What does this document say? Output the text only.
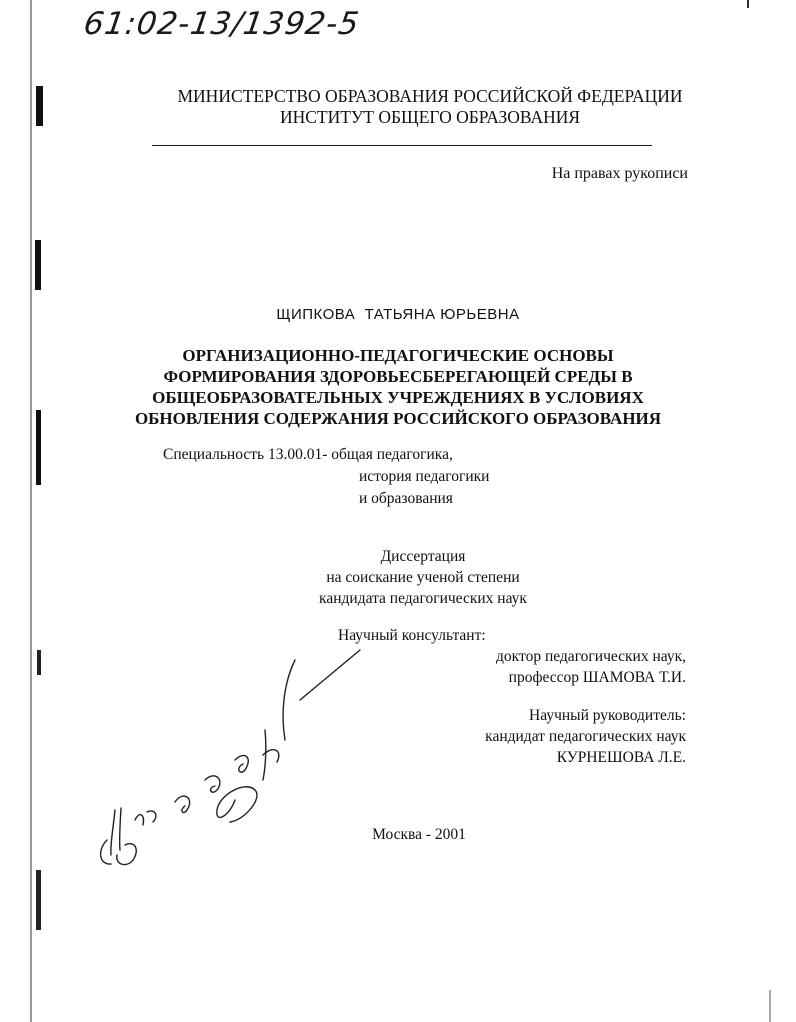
61:02-13/1392-5
МИНИСТЕРСТВО ОБРАЗОВАНИЯ РОССИЙСКОЙ ФЕДЕРАЦИИ
ИНСТИТУТ ОБЩЕГО ОБРАЗОВАНИЯ
На правах рукописи
ЩИПКОВА  ТАТЬЯНА ЮРЬЕВНА
ОРГАНИЗАЦИОННО-ПЕДАГОГИЧЕСКИЕ ОСНОВЫ
ФОРМИРОВАНИЯ ЗДОРОВЬЕСБЕРЕГАЮЩЕЙ СРЕДЫ В
ОБЩЕОБРАЗОВАТЕЛЬНЫХ УЧРЕЖДЕНИЯХ В УСЛОВИЯХ
ОБНОВЛЕНИЯ СОДЕРЖАНИЯ РОССИЙСКОГО ОБРАЗОВАНИЯ
Специальность 13.00.01- общая педагогика,
история педагогики
и образования
Диссертация
на соискание ученой степени
кандидата педагогических наук
Научный консультант:
доктор педагогических наук,
профессор ШАМОВА Т.И.
Научный руководитель:
кандидат педагогических наук
КУРНЕШОВА Л.Е.
Москва - 2001
